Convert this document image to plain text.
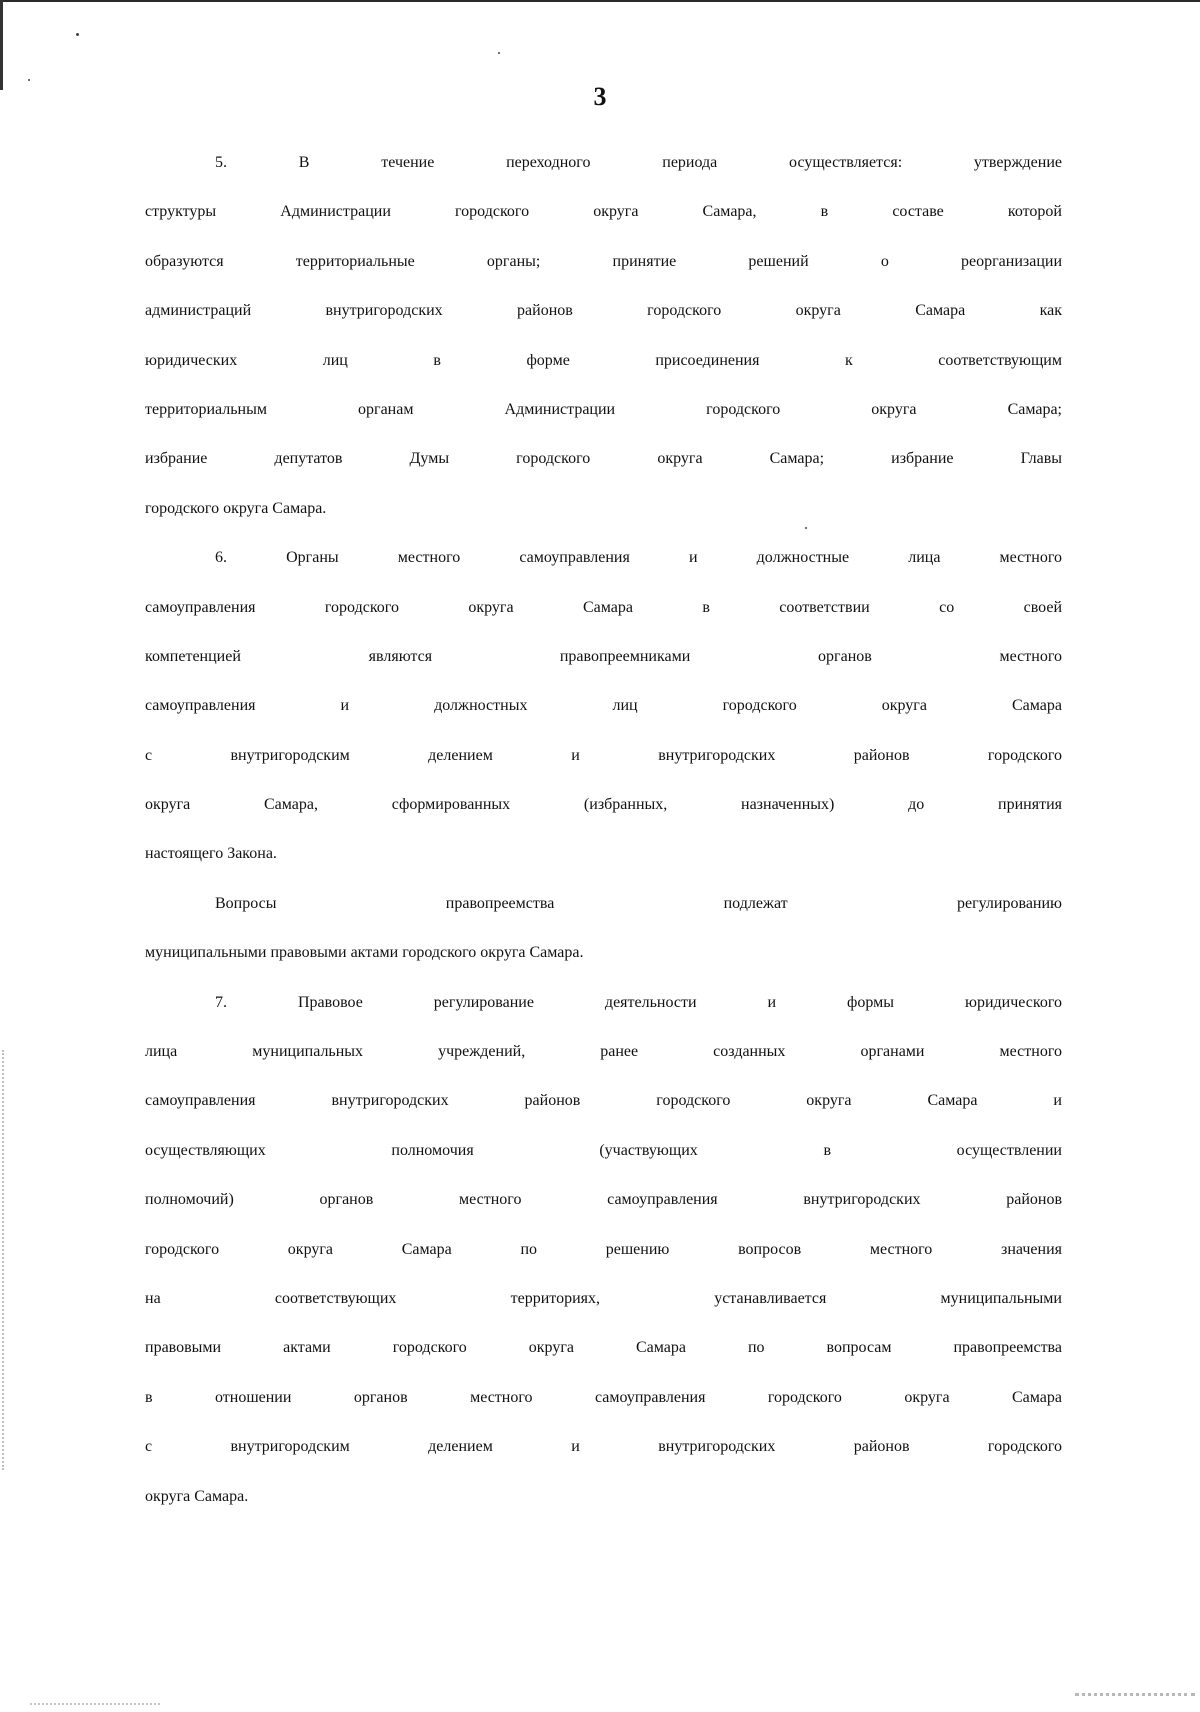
3
5. В течение переходного периода осуществляется: утверждение
структуры Администрации городского округа Самара, в составе которой
образуются территориальные органы; принятие решений о реорганизации
администраций внутригородских районов городского округа Самара как
юридических лиц в форме присоединения к соответствующим
территориальным органам Администрации городского округа Самара;
избрание депутатов Думы городского округа Самара; избрание Главы
городского округа Самара.
6. Органы местного самоуправления и должностные лица местного
самоуправления городского округа Самара в соответствии со своей
компетенцией являются правопреемниками органов местного
самоуправления и должностных лиц городского округа Самара
с внутригородским делением и внутригородских районов городского
округа Самара, сформированных (избранных, назначенных) до принятия
настоящего Закона.
Вопросы правопреемства подлежат регулированию
муниципальными правовыми актами городского округа Самара.
7. Правовое регулирование деятельности и формы юридического
лица муниципальных учреждений, ранее созданных органами местного
самоуправления внутригородских районов городского округа Самара и
осуществляющих полномочия (участвующих в осуществлении
полномочий) органов местного самоуправления внутригородских районов
городского округа Самара по решению вопросов местного значения
на соответствующих территориях, устанавливается муниципальными
правовыми актами городского округа Самара по вопросам правопреемства
в отношении органов местного самоуправления городского округа Самара
с внутригородским делением и внутригородских районов городского
округа Самара.
